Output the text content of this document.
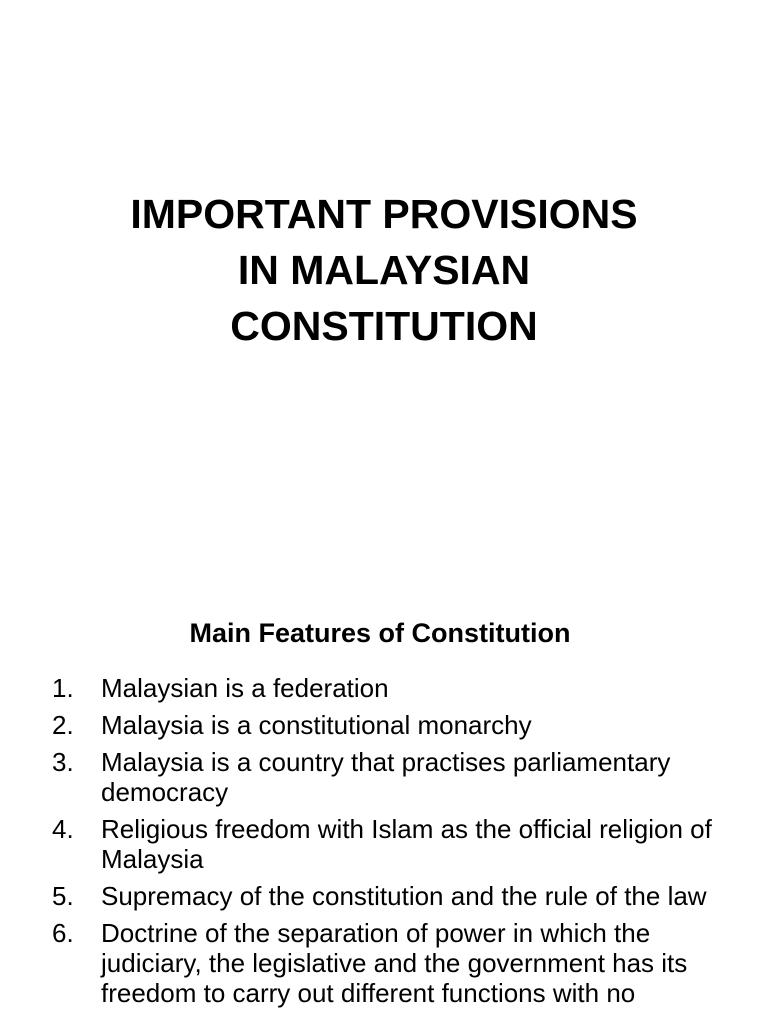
IMPORTANT PROVISIONS
IN MALAYSIAN
CONSTITUTION
Main Features of Constitution
1.	Malaysian is a federation
2.	Malaysia is a constitutional monarchy
3.	Malaysia is a country that practises parliamentary democracy
4.	Religious freedom with Islam as the official religion of Malaysia
5.	Supremacy of the constitution and the rule of the law
6.	Doctrine of the separation of power in which the judiciary, the legislative and the government has its freedom to carry out different functions with no
